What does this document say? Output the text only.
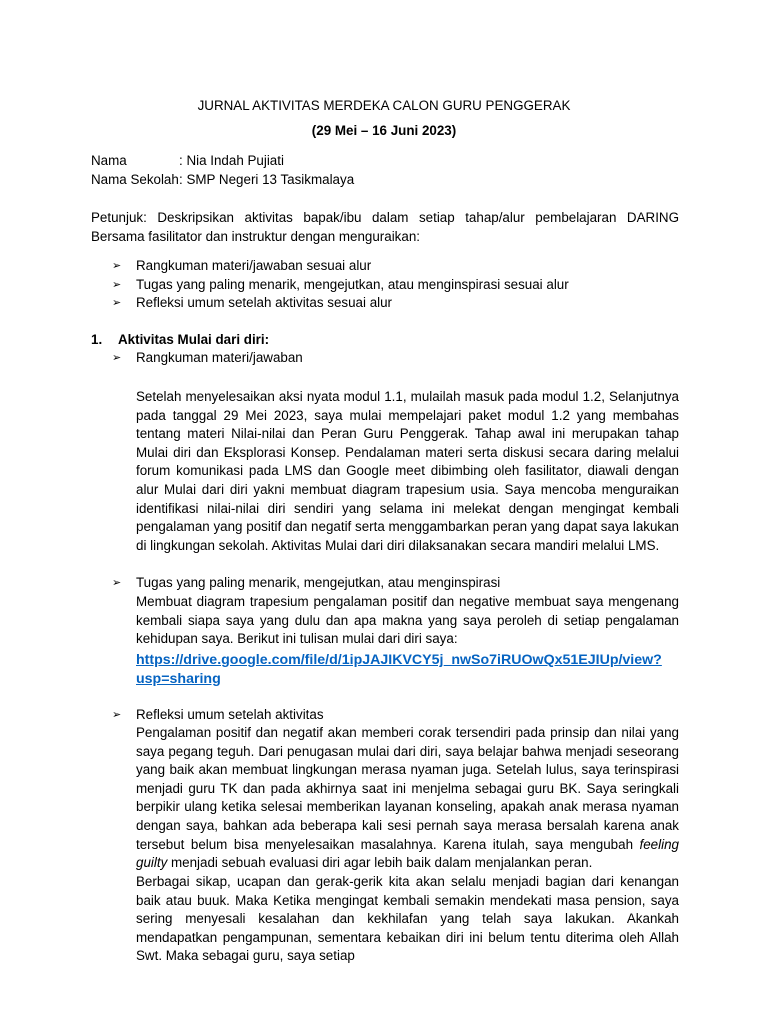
JURNAL AKTIVITAS MERDEKA CALON GURU PENGGERAK
(29 Mei – 16 Juni 2023)
Nama	: Nia Indah Pujiati
Nama Sekolah : SMP Negeri 13 Tasikmalaya
Petunjuk: Deskripsikan aktivitas bapak/ibu dalam setiap tahap/alur pembelajaran DARING Bersama fasilitator dan instruktur dengan menguraikan:
➢	Rangkuman materi/jawaban sesuai alur
➢	Tugas yang paling menarik, mengejutkan, atau menginspirasi sesuai alur
➢	Refleksi umum setelah aktivitas sesuai alur
1. Aktivitas Mulai dari diri:
➢	Rangkuman materi/jawaban
Setelah menyelesaikan aksi nyata modul 1.1, mulailah masuk pada modul 1.2, Selanjutnya pada tanggal 29 Mei 2023, saya mulai mempelajari paket modul 1.2 yang membahas tentang materi Nilai-nilai dan Peran Guru Penggerak. Tahap awal ini merupakan tahap Mulai diri dan Eksplorasi Konsep. Pendalaman materi serta diskusi secara daring melalui forum komunikasi pada LMS dan Google meet dibimbing oleh fasilitator, diawali dengan alur Mulai dari diri yakni membuat diagram trapesium usia. Saya mencoba menguraikan identifikasi nilai-nilai diri sendiri yang selama ini melekat dengan mengingat kembali pengalaman yang positif dan negatif serta menggambarkan peran yang dapat saya lakukan di lingkungan sekolah. Aktivitas Mulai dari diri dilaksanakan secara mandiri melalui LMS.
➢	Tugas yang paling menarik, mengejutkan, atau menginspirasi
Membuat diagram trapesium pengalaman positif dan negative membuat saya mengenang kembali siapa saya yang dulu dan apa makna yang saya peroleh di setiap pengalaman kehidupan saya. Berikut ini tulisan mulai dari diri saya:
https://drive.google.com/file/d/1ipJAJIKVCY5j_nwSo7iRUOwQx51EJIUp/view?usp=sharing
➢	Refleksi umum setelah aktivitas
Pengalaman positif dan negatif akan memberi corak tersendiri pada prinsip dan nilai yang saya pegang teguh. Dari penugasan mulai dari diri, saya belajar bahwa menjadi seseorang yang baik akan membuat lingkungan merasa nyaman juga. Setelah lulus, saya terinspirasi menjadi guru TK dan pada akhirnya saat ini menjelma sebagai guru BK. Saya seringkali berpikir ulang ketika selesai memberikan layanan konseling, apakah anak merasa nyaman dengan saya, bahkan ada beberapa kali sesi pernah saya merasa bersalah karena anak tersebut belum bisa menyelesaikan masalahnya. Karena itulah, saya mengubah feeling guilty menjadi sebuah evaluasi diri agar lebih baik dalam menjalankan peran.
Berbagai sikap, ucapan dan gerak-gerik kita akan selalu menjadi bagian dari kenangan baik atau buuk. Maka Ketika mengingat kembali semakin mendekati masa pension, saya sering menyesali kesalahan dan kekhilafan yang telah saya lakukan. Akankah mendapatkan pengampunan, sementara kebaikan diri ini belum tentu diterima oleh Allah Swt. Maka sebagai guru, saya setiap
